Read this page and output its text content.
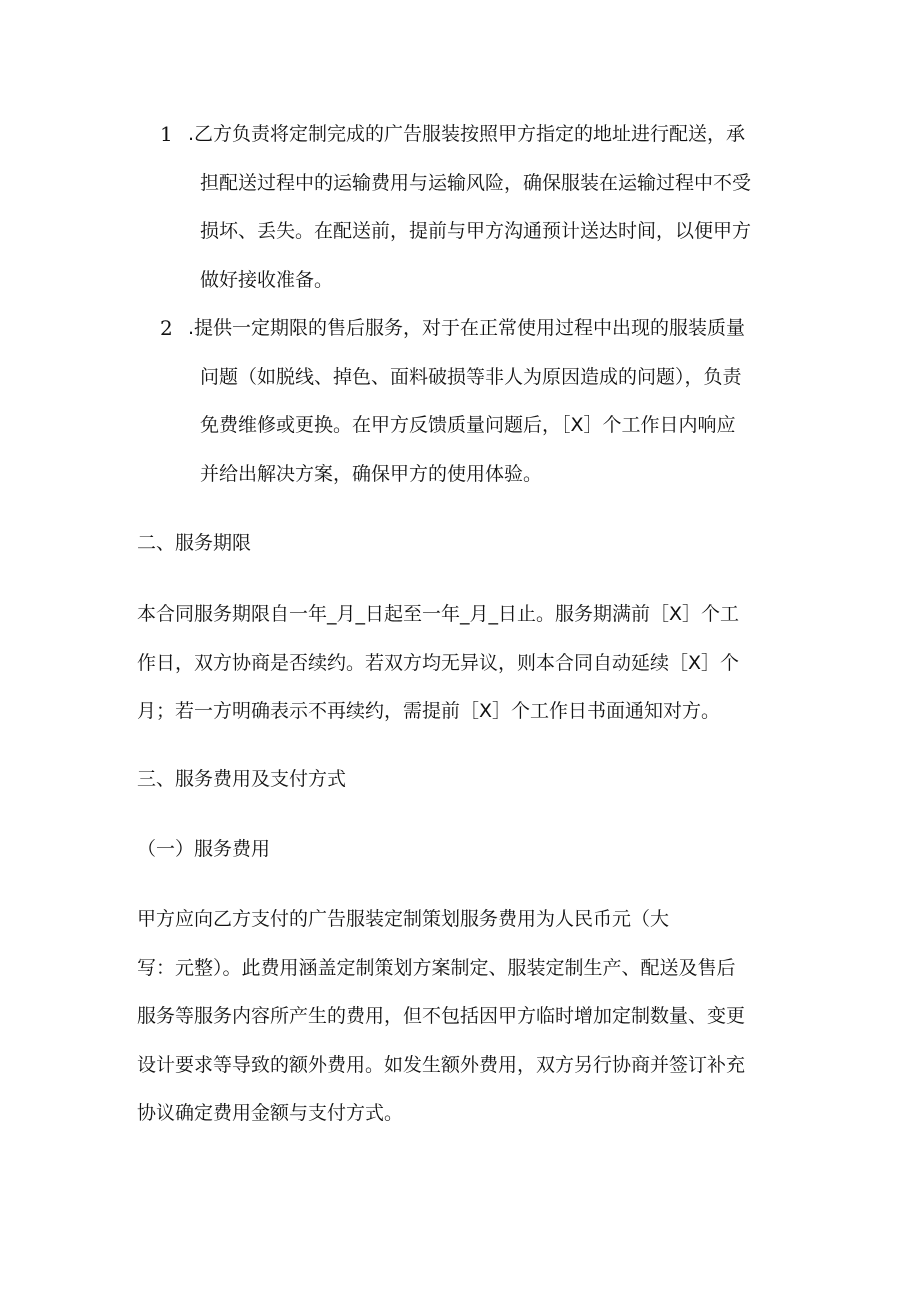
1 .乙方负责将定制完成的广告服装按照甲方指定的地址进行配送，承
担配送过程中的运输费用与运输风险，确保服装在运输过程中不受
损坏、丢失。在配送前，提前与甲方沟通预计送达时间，以便甲方
做好接收准备。
2 .提供一定期限的售后服务，对于在正常使用过程中出现的服装质量
问题（如脱线、掉色、面料破损等非人为原因造成的问题），负责
免费维修或更换。在甲方反馈质量问题后，［X］个工作日内响应
并给出解决方案，确保甲方的使用体验。
二、服务期限
本合同服务期限自一年_月_日起至一年_月_日止。服务期满前［X］个工
作日，双方协商是否续约。若双方均无异议，则本合同自动延续［X］个
月；若一方明确表示不再续约，需提前［X］个工作日书面通知对方。
三、服务费用及支付方式
（一）服务费用
甲方应向乙方支付的广告服装定制策划服务费用为人民币元（大
写：元整）。此费用涵盖定制策划方案制定、服装定制生产、配送及售后
服务等服务内容所产生的费用，但不包括因甲方临时增加定制数量、变更
设计要求等导致的额外费用。如发生额外费用，双方另行协商并签订补充
协议确定费用金额与支付方式。
